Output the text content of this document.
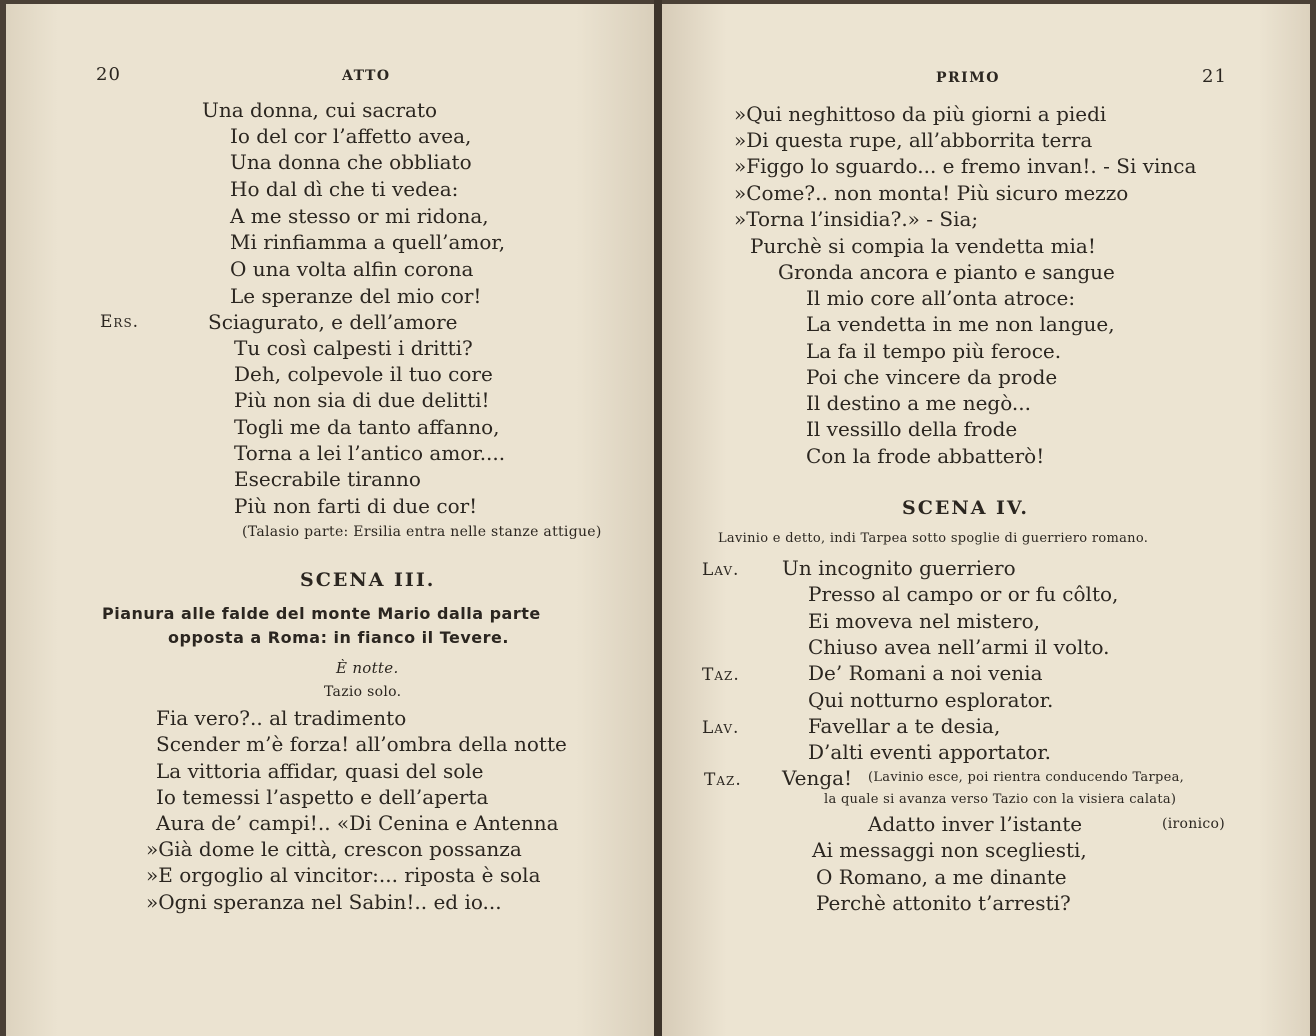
20	ATTO
Una donna, cui sacrato
Io del cor l’affetto avea,
Una donna che obbliato
Ho dal dì che ti vedea:
A me stesso or mi ridona,
Mi rinfiamma a quell’amor,
O una volta alfin corona
Le speranze del mio cor!
Ers.	Sciagurato, e dell’amore
Tu così calpesti i dritti?
Deh, colpevole il tuo core
Più non sia di due delitti!
Togli me da tanto affanno,
Torna a lei l’antico amor....
Esecrabile tiranno
Più non farti di due cor!
(Talasio parte: Ersilia entra nelle stanze attigue)
SCENA III.
Pianura alle falde del monte Mario dalla parte
opposta a Roma: in fianco il Tevere.
È notte.
Tazio solo.
Fia vero?.. al tradimento
Scender m’è forza! all’ombra della notte
La vittoria affidar, quasi del sole
Io temessi l’aspetto e dell’aperta
Aura de’ campi!.. «Di Cenina e Antenna
»Già dome le città, crescon possanza
»E orgoglio al vincitor:... riposta è sola
»Ogni speranza nel Sabin!.. ed io...
PRIMO	21
»Qui neghittoso da più giorni a piedi
»Di questa rupe, all’abborrita terra
»Figgo lo sguardo... e fremo invan!. - Si vinca
»Come?.. non monta! Più sicuro mezzo
»Torna l’insidia?.» - Sia;
Purchè si compia la vendetta mia!
Gronda ancora e pianto e sangue
Il mio core all’onta atroce:
La vendetta in me non langue,
La fa il tempo più feroce.
Poi che vincere da prode
Il destino a me negò...
Il vessillo della frode
Con la frode abbatterò!
SCENA IV.
Lavinio e detto, indi Tarpea sotto spoglie di guerriero romano.
Lav. Un incognito guerriero
Presso al campo or or fu côlto,
Ei moveva nel mistero,
Chiuso avea nell’armi il volto.
Taz.	De’ Romani a noi venia
Qui notturno esplorator.
Lav.	Favellar a te desia,
D’alti eventi apportator.
Taz. Venga! (Lavinio esce, poi rientra conducendo Tarpea,
la quale si avanza verso Tazio con la visiera calata)
Adatto inver l’istante	(ironico)
Ai messaggi non scegliesti,
O Romano, a me dinante
Perchè attonito t’arresti?
